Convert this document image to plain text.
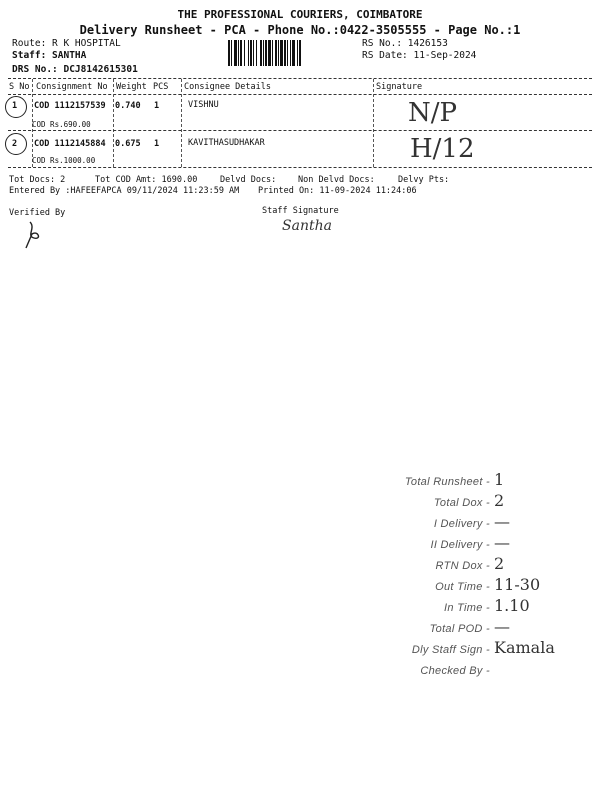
THE PROFESSIONAL COURIERS, COIMBATORE
Delivery Runsheet - PCA - Phone No.:0422-3505555 - Page No.:1
Route: R K HOSPITAL
Staff: SANTHA
DRS No.: DCJ8142615301
RS No.: 1426153
RS Date: 11-Sep-2024
S No Consignment No Weight PCS Consignee Details	Signature
1 COD 1112157539 0.740 1	VISHNU
COD Rs.690.00	N/P
2 COD 1112145884 0.675 1	KAVITHASUDHAKAR
COD Rs.1000.00	H/12
Tot Docs: 2	Tot COD Amt: 1690.00	Delvd Docs:	Non Delvd Docs:	Delvy Pts:
Entered By :HAFEEFAPCA 09/11/2024 11:23:59 AM Printed On: 11-09-2024 11:24:06
Verified By	Staff Signature
Santha
Total Runsheet - 1
Total Dox - 2
I Delivery - —
II Delivery - —
RTN Dox - 2
Out Time - 11-30
In Time - 1.10
Total POD - —
Dly Staff Sign - Kamala
Checked By -
